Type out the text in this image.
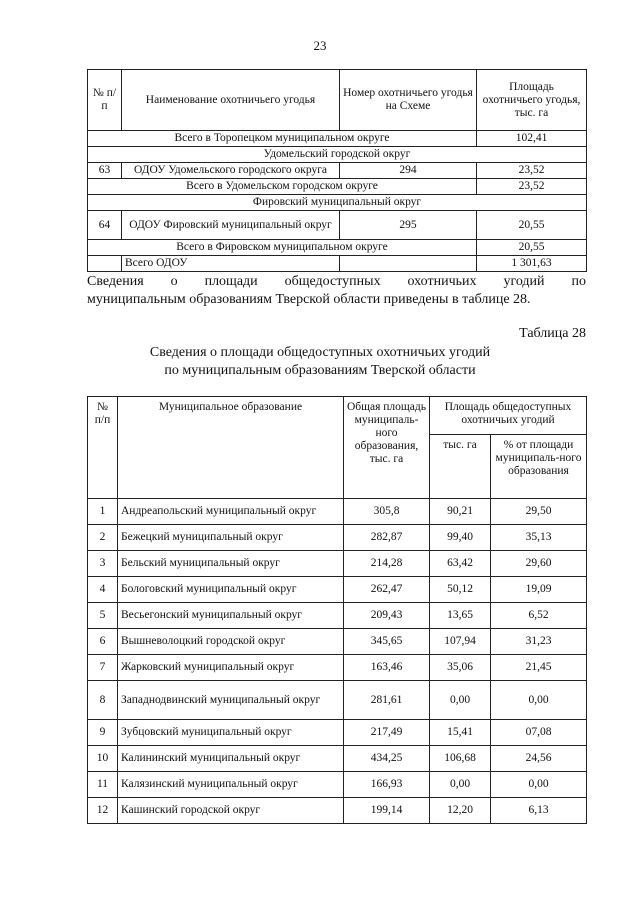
23
№ п/п	Наименование охотничьего угодья	Номер охотничьего угодья на Схеме	Площадь охотничьего угодья, тыс. га
Всего в Торопецком муниципальном округе			102,41
Удомельский городской округ			
63	ОДОУ Удомельского городского округа	294	23,52
Всего в Удомельском городском округе			23,52
Фировский муниципальный округ			
64	ОДОУ Фировский муниципальный округ	295	20,55
Всего в Фировском муниципальном округе			20,55
	Всего ОДОУ		1 301,63
Сведения о площади общедоступных охотничьих угодий по
муниципальным образованиям Тверской области приведены в таблице 28.
Таблица 28
Сведения о площади общедоступных охотничьих угодий
по муниципальным образованиям Тверской области
№ п/п	Муниципальное образование	Общая площадь муниципаль-ного образования, тыс. га	Площадь общедоступных охотничьих угодий	
			тыс. га	% от площади муниципаль-ного образования
1	Андреапольский муниципальный округ	305,8	90,21	29,50
2	Бежецкий муниципальный округ	282,87	99,40	35,13
3	Бельский муниципальный округ	214,28	63,42	29,60
4	Бологовский муниципальный округ	262,47	50,12	19,09
5	Весьегонский муниципальный округ	209,43	13,65	6,52
6	Вышневолоцкий городской округ	345,65	107,94	31,23
7	Жарковский муниципальный округ	163,46	35,06	21,45
8	Западнодвинский муниципальный округ	281,61	0,00	0,00
9	Зубцовский муниципальный округ	217,49	15,41	07,08
10	Калининский муниципальный округ	434,25	106,68	24,56
11	Калязинский муниципальный округ	166,93	0,00	0,00
12	Кашинский городской округ	199,14	12,20	6,13
